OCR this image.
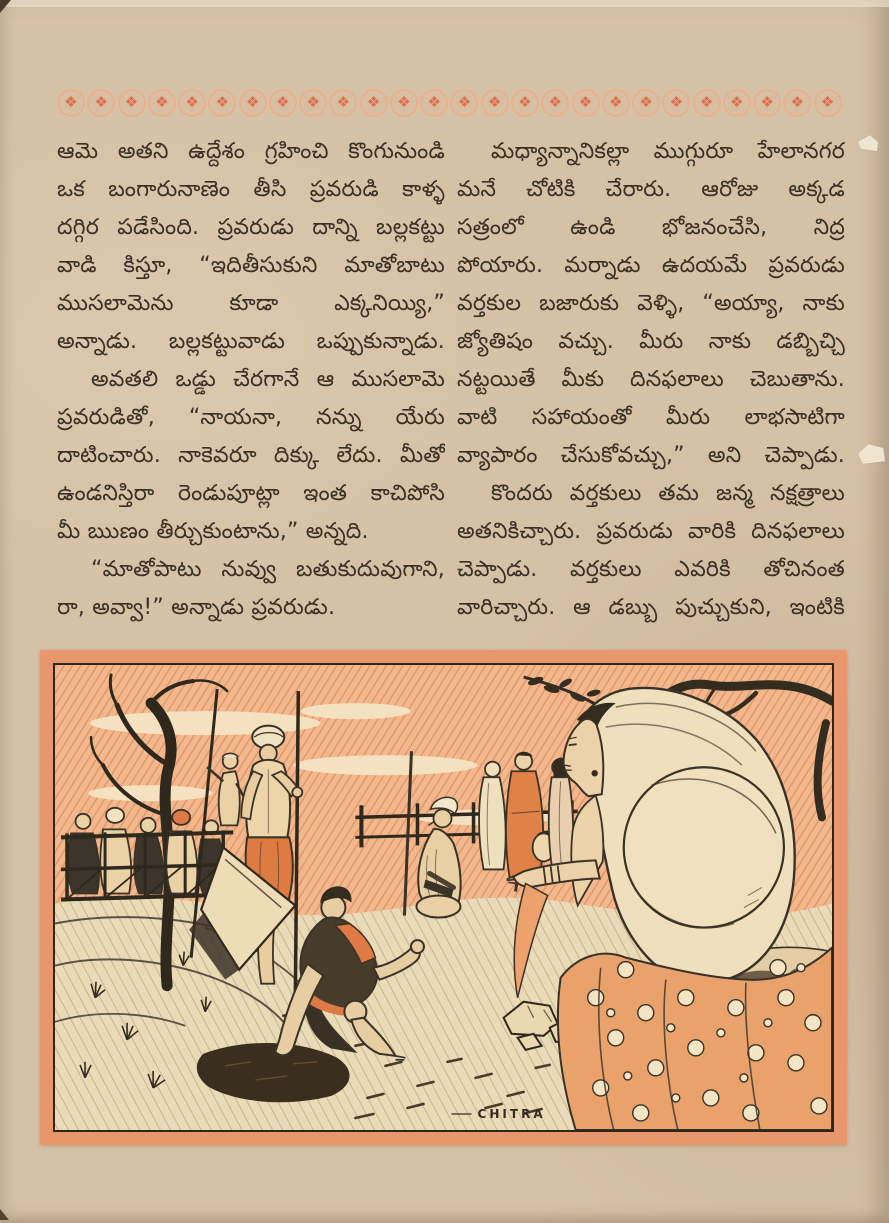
❖	❖	❖	❖	❖	❖	❖	❖	❖	❖	❖	❖	❖	❖	❖	❖	❖	❖	❖	❖	❖	❖	❖	❖	❖	❖
ఆమె అతని ఉద్దేశం గ్రహించి కొంగునుండి
ఒక బంగారునాణెం తీసి ప్రవరుడి కాళ్ళ
దగ్గిర పడేసింది. ప్రవరుడు దాన్ని బల్లకట్టు
వాడి కిస్తూ, “ఇదితీసుకుని మాతోబాటు
ముసలామెను కూడా ఎక్కనియ్యి,”
అన్నాడు. బల్లకట్టువాడు ఒప్పుకున్నాడు.
అవతలి ఒడ్డు చేరగానే ఆ ముసలామె
ప్రవరుడితో, “నాయనా, నన్ను యేరు
దాటించారు. నాకెవరూ దిక్కు లేదు. మీతో
ఉండనిస్తిరా రెండుపూట్లా ఇంత కాచిపోసి
మీ ఋణం తీర్చుకుంటాను,” అన్నది.
“మాతోపాటు నువ్వు బతుకుదువుగాని,
రా, అవ్వా!” అన్నాడు ప్రవరుడు.
మధ్యాన్నానికల్లా ముగ్గురూ హేలానగర
మనే చోటికి చేరారు. ఆరోజు అక్కడ
సత్రంలో ఉండి భోజనంచేసి, నిద్ర
పోయారు. మర్నాడు ఉదయమే ప్రవరుడు
వర్తకుల బజారుకు వెళ్ళి, “అయ్యా, నాకు
జ్యోతిషం వచ్చు. మీరు నాకు డబ్బిచ్చి
నట్టయితే మీకు దినఫలాలు చెబుతాను.
వాటి సహాయంతో మీరు లాభసాటిగా
వ్యాపారం చేసుకోవచ్చు,” అని చెప్పాడు.
కొందరు వర్తకులు తమ జన్మ నక్షత్రాలు
అతనికిచ్చారు. ప్రవరుడు వారికి దినఫలాలు
చెప్పాడు. వర్తకులు ఎవరికి తోచినంత
వారిచ్చారు. ఆ డబ్బు పుచ్చుకుని, ఇంటికి
CHITRA
